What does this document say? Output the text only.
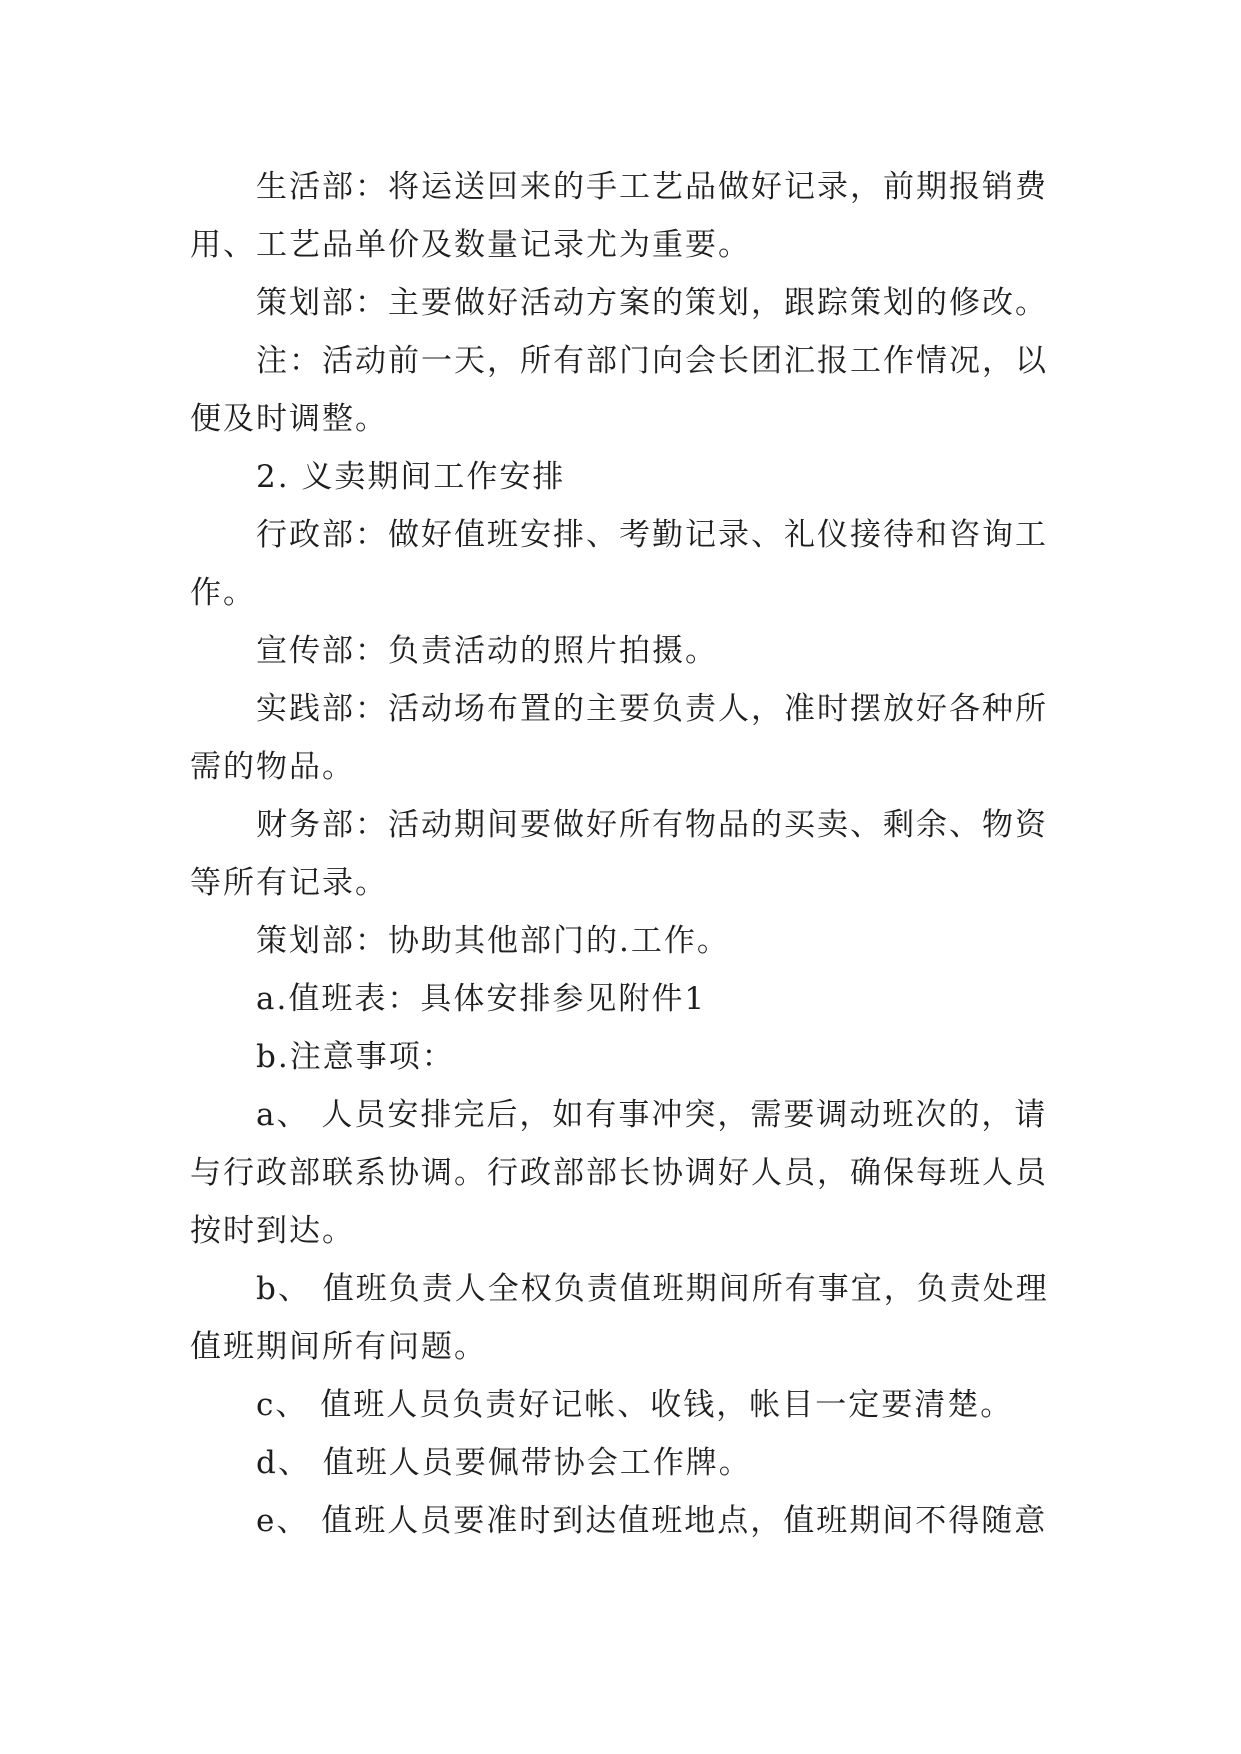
生活部：将运送回来的手工艺品做好记录，前期报销费用、工艺品单价及数量记录尤为重要。

策划部：主要做好活动方案的策划，跟踪策划的修改。

注：活动前一天，所有部门向会长团汇报工作情况，以便及时调整。

2. 义卖期间工作安排

行政部：做好值班安排、考勤记录、礼仪接待和咨询工作。

宣传部：负责活动的照片拍摄。

实践部：活动场布置的主要负责人，准时摆放好各种所需的物品。

财务部：活动期间要做好所有物品的买卖、剩余、物资等所有记录。

策划部：协助其他部门的.工作。

a.值班表：具体安排参见附件1

b.注意事项：

a、 人员安排完后，如有事冲突，需要调动班次的，请与行政部联系协调。行政部部长协调好人员，确保每班人员按时到达。

b、 值班负责人全权负责值班期间所有事宜，负责处理值班期间所有问题。

c、 值班人员负责好记帐、收钱，帐目一定要清楚。

d、 值班人员要佩带协会工作牌。

e、 值班人员要准时到达值班地点，值班期间不得随意
